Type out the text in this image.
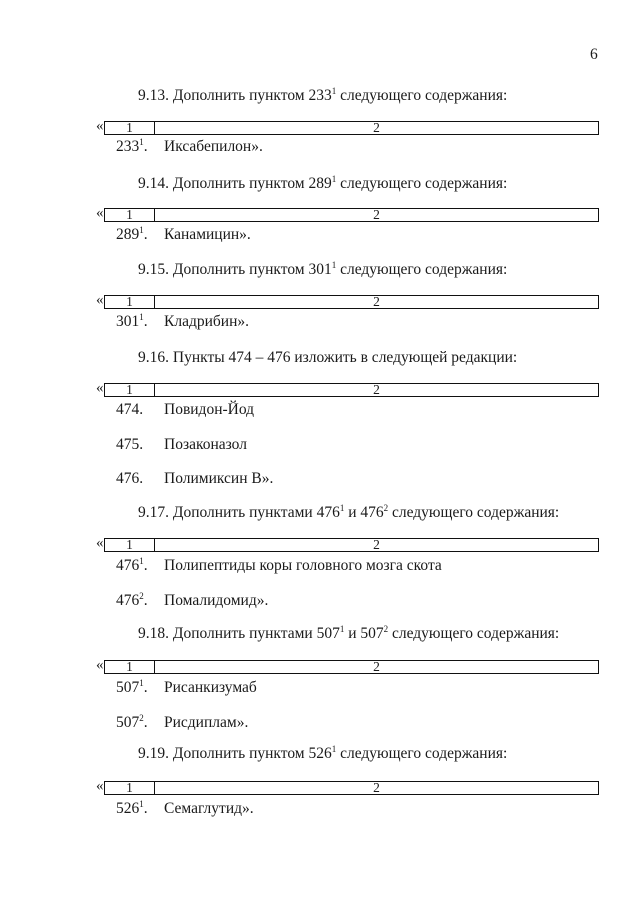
6
9.13. Дополнить пунктом $233^1$ следующего содержания:
«	1	2
$233^1$. Иксабепилон».
9.14. Дополнить пунктом $289^1$ следующего содержания:
«	1	2
$289^1$. Канамицин».
9.15. Дополнить пунктом $301^1$ следующего содержания:
«	1	2
$301^1$. Кладрибин».
9.16. Пункты 474 – 476 изложить в следующей редакции:
«	1	2
474. Повидон-Йод
475. Позаконазол
476. Полимиксин В».
9.17. Дополнить пунктами $476^1$ и $476^2$ следующего содержания:
«	1	2
$476^1$. Полипептиды коры головного мозга скота
$476^2$. Помалидомид».
9.18. Дополнить пунктами $507^1$ и $507^2$ следующего содержания:
«	1	2
$507^1$. Рисанкизумаб
$507^2$. Рисдиплам».
9.19. Дополнить пунктом $526^1$ следующего содержания:
«	1	2
$526^1$. Семаглутид».
